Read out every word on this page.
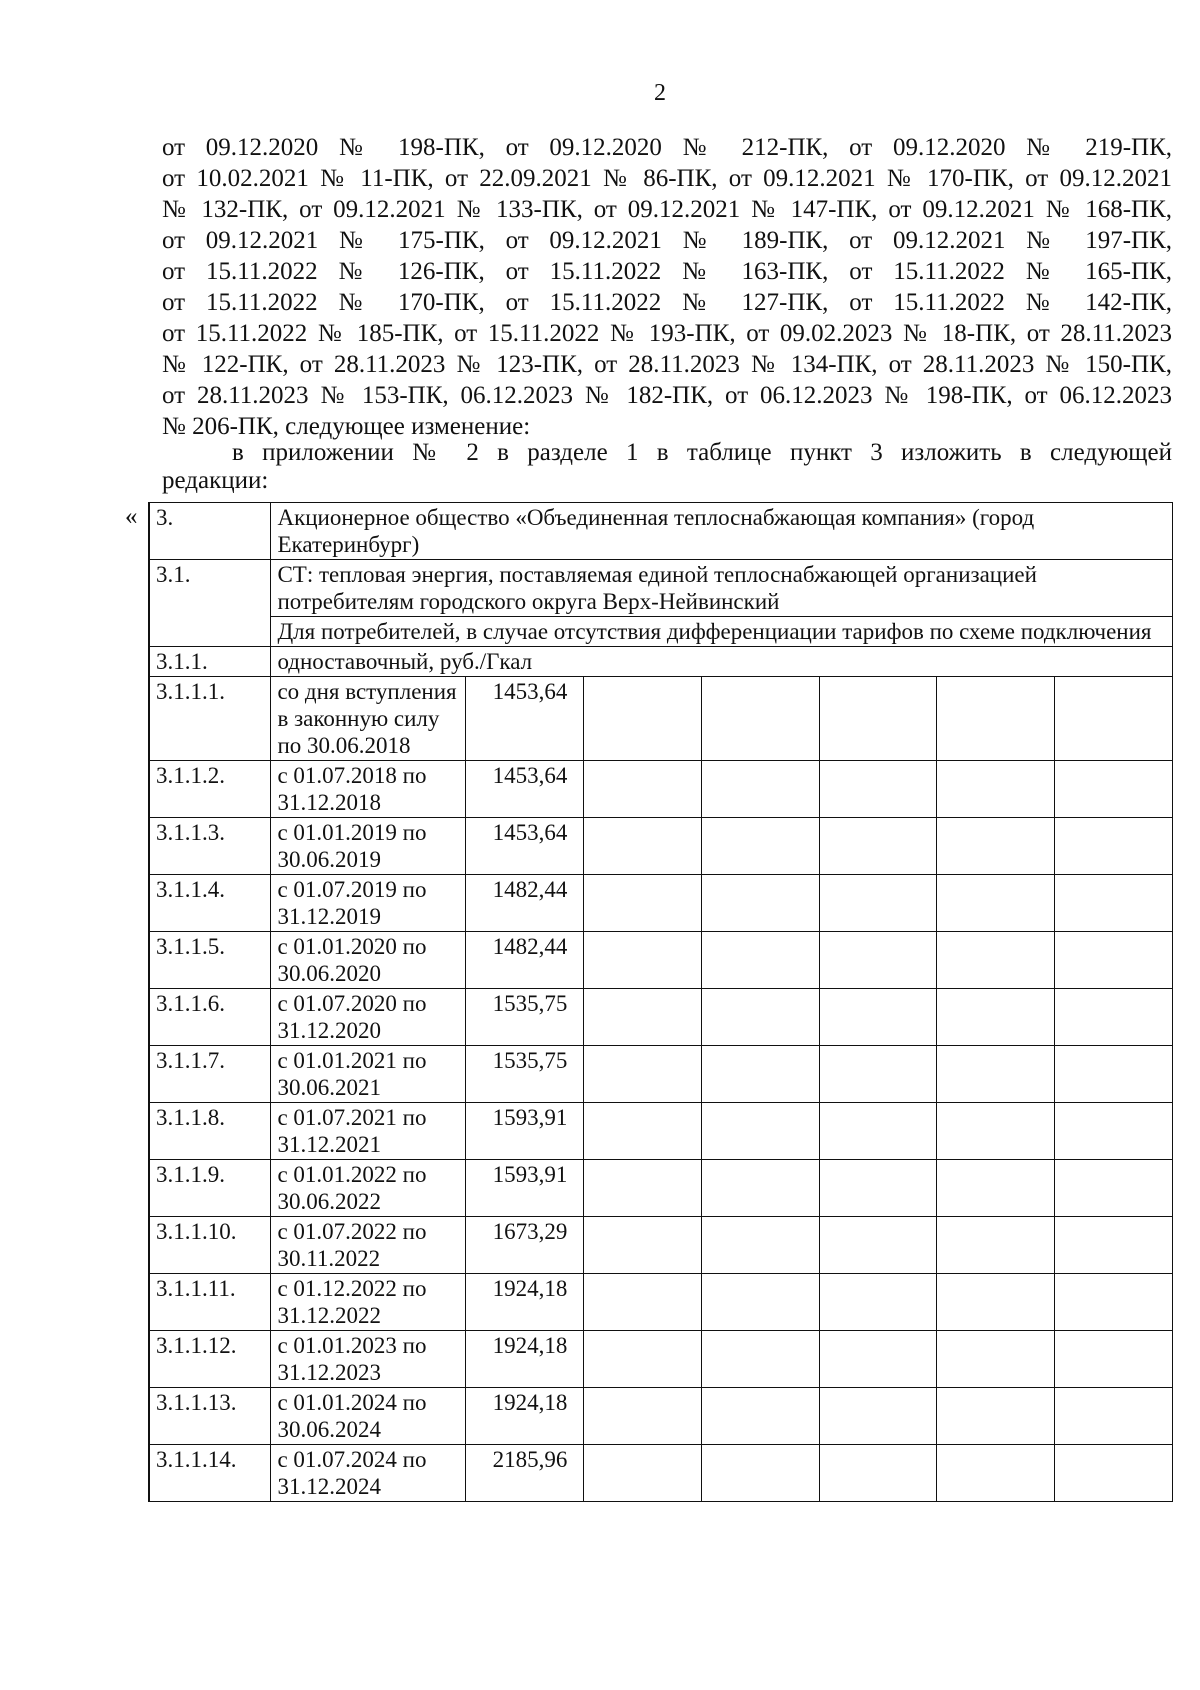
2
от 09.12.2020 № 198-ПК, от 09.12.2020 № 212-ПК, от 09.12.2020 № 219-ПК,
от 10.02.2021 № 11-ПК, от 22.09.2021 № 86-ПК, от 09.12.2021 № 170-ПК, от 09.12.2021
№ 132-ПК, от 09.12.2021 № 133-ПК, от 09.12.2021 № 147-ПК, от 09.12.2021 № 168-ПК,
от 09.12.2021 № 175-ПК, от 09.12.2021 № 189-ПК, от 09.12.2021 № 197-ПК,
от 15.11.2022 № 126-ПК, от 15.11.2022 № 163-ПК, от 15.11.2022 № 165-ПК,
от 15.11.2022 № 170-ПК, от 15.11.2022 № 127-ПК, от 15.11.2022 № 142-ПК,
от 15.11.2022 № 185-ПК, от 15.11.2022 № 193-ПК, от 09.02.2023 № 18-ПК, от 28.11.2023
№ 122-ПК, от 28.11.2023 № 123-ПК, от 28.11.2023 № 134-ПК, от 28.11.2023 № 150-ПК,
от 28.11.2023 № 153-ПК, 06.12.2023 № 182-ПК, от 06.12.2023 № 198-ПК, от 06.12.2023
№ 206-ПК, следующее изменение:
в приложении № 2 в разделе 1 в таблице пункт 3 изложить в следующей
редакции:
« 3.	Акционерное общество «Объединенная теплоснабжающая компания» (город Екатеринбург)						
3.1.	СТ: тепловая энергия, поставляемая единой теплоснабжающей организацией потребителям городского округа Верх-Нейвинский						
	Для потребителей, в случае отсутствия дифференциации тарифов по схеме подключения						
3.1.1.	одноставочный, руб./Гкал						
3.1.1.1.	со дня вступления в законную силу по 30.06.2018	1453,64					
3.1.1.2.	с 01.07.2018 по 31.12.2018	1453,64					
3.1.1.3.	с 01.01.2019 по 30.06.2019	1453,64					
3.1.1.4.	с 01.07.2019 по 31.12.2019	1482,44					
3.1.1.5.	с 01.01.2020 по 30.06.2020	1482,44					
3.1.1.6.	с 01.07.2020 по 31.12.2020	1535,75					
3.1.1.7.	с 01.01.2021 по 30.06.2021	1535,75					
3.1.1.8.	с 01.07.2021 по 31.12.2021	1593,91					
3.1.1.9.	с 01.01.2022 по 30.06.2022	1593,91					
3.1.1.10.	с 01.07.2022 по 30.11.2022	1673,29					
3.1.1.11.	с 01.12.2022 по 31.12.2022	1924,18					
3.1.1.12.	с 01.01.2023 по 31.12.2023	1924,18					
3.1.1.13.	с 01.01.2024 по 30.06.2024	1924,18					
3.1.1.14.	с 01.07.2024 по 31.12.2024	2185,96					
